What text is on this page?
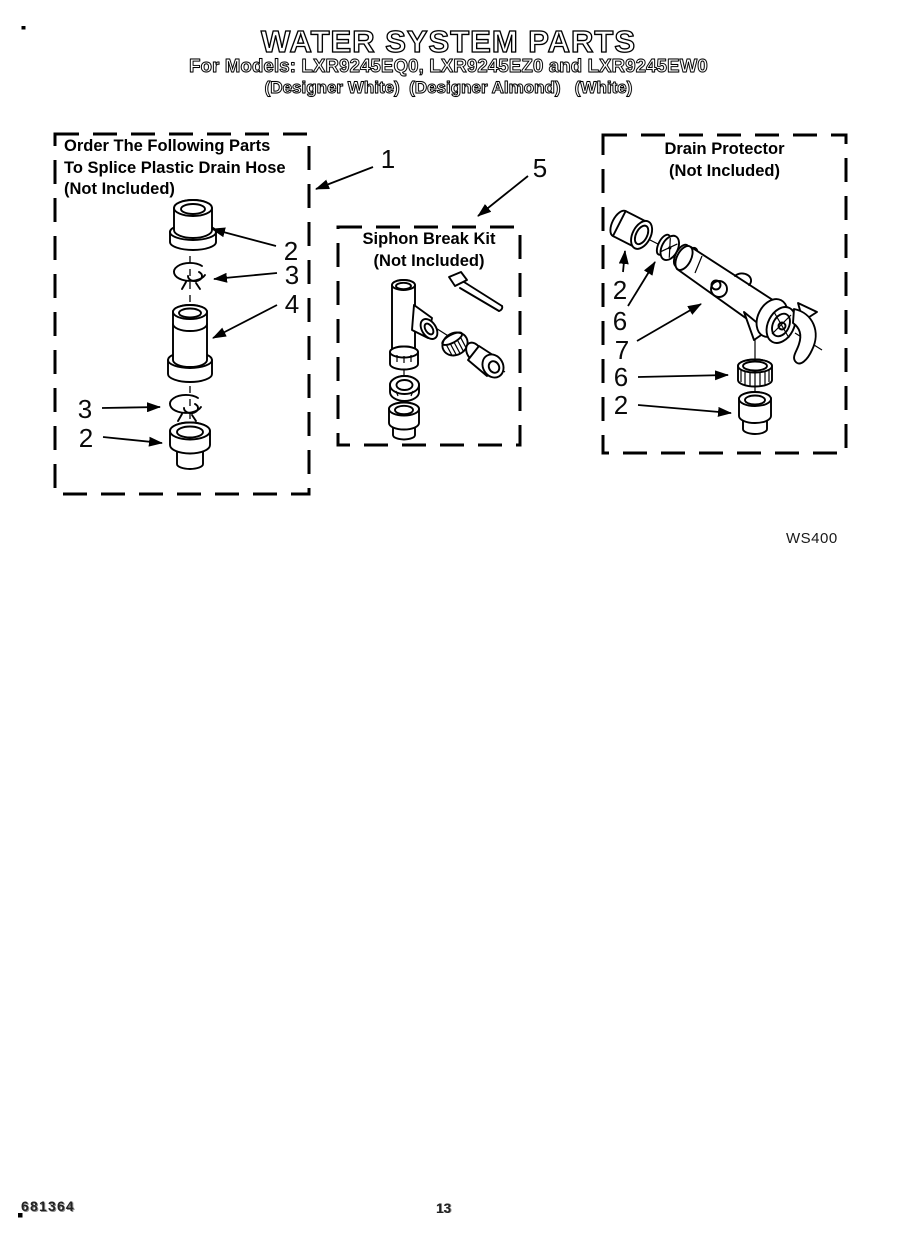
WATER SYSTEM PARTS
For Models: LXR9245EQ0, LXR9245EZ0 and LXR9245EW0
(Designer White)  (Designer Almond)   (White)
Order The Following Parts
To Splice Plastic Drain Hose
(Not Included)
Siphon Break Kit
(Not Included)
Drain Protector
(Not Included)
1	5
2
3
4
3
2
2
6
7
6
2
WS400
681364	13
